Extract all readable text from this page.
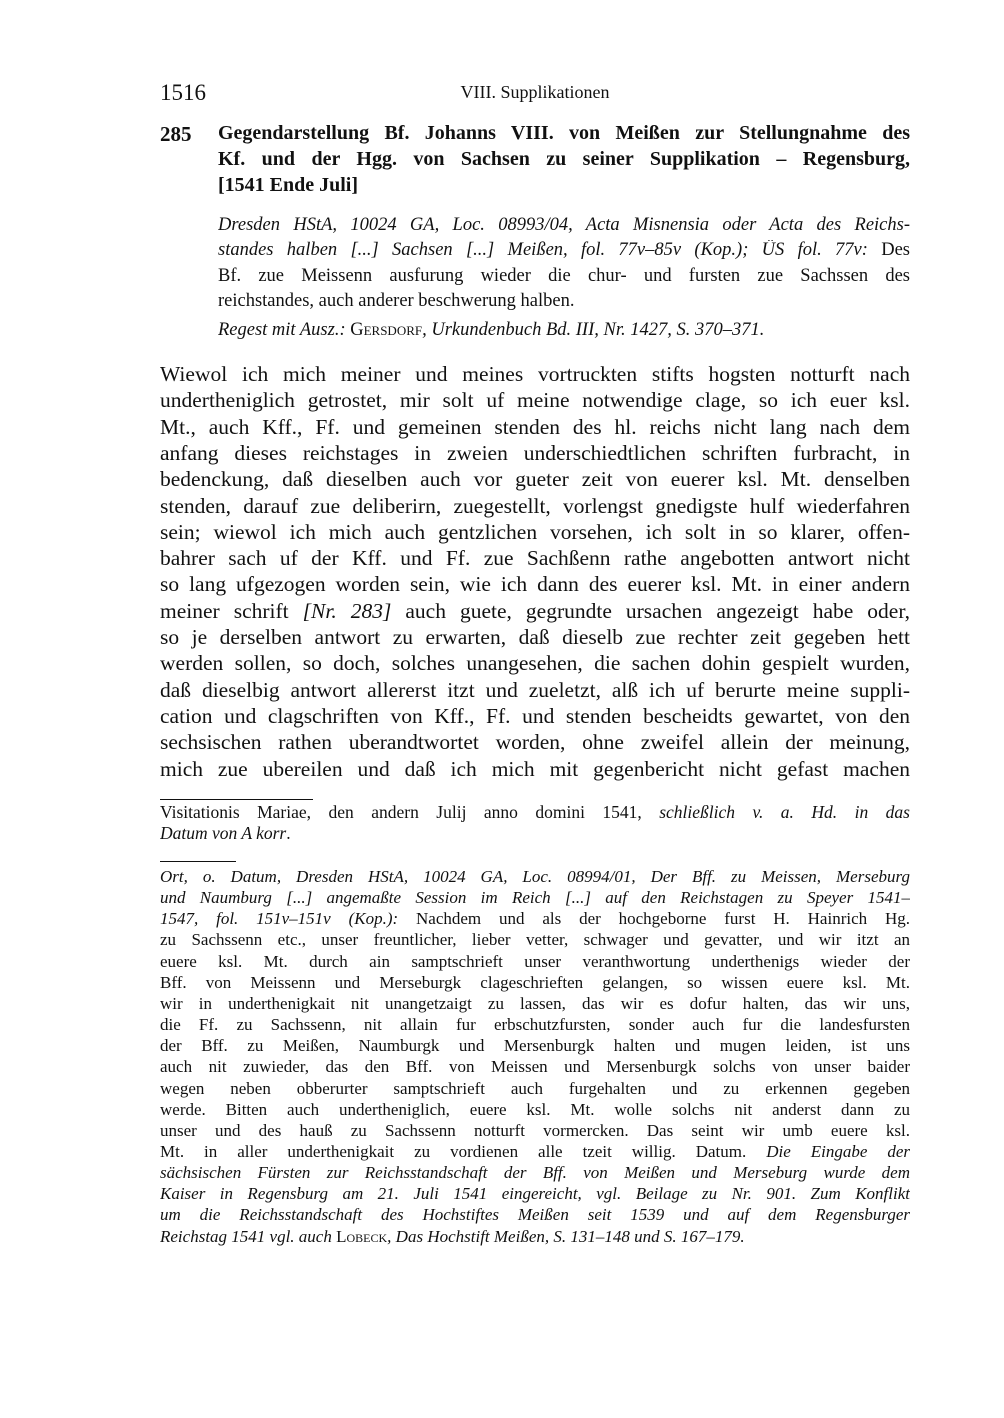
1516	VIII. Supplikationen
285 Gegendarstellung Bf. Johanns VIII. von Meißen zur Stellungnahme des
Kf. und der Hgg. von Sachsen zu seiner Supplikation – Regensburg,
[1541 Ende Juli]
Dresden HStA, 10024 GA, Loc. 08993/04, Acta Misnensia oder Acta des Reichs-
standes halben [...] Sachsen [...] Meißen, fol. 77v–85v (Kop.); ÜS fol. 77v: Des
Bf. zue Meissenn ausfurung wieder die chur- und fursten zue Sachssen des
reichstandes, auch anderer beschwerung halben.
Regest mit Ausz.: Gersdorf, Urkundenbuch Bd. III, Nr. 1427, S. 370–371.
Wiewol ich mich meiner und meines vortruckten stifts hogsten notturft nach
undertheniglich getrostet, mir solt uf meine notwendige clage, so ich euer ksl.
Mt., auch Kff., Ff. und gemeinen stenden des hl. reichs nicht lang nach dem
anfang dieses reichstages in zweien underschiedtlichen schriften furbracht, in
bedenckung, daß dieselben auch vor gueter zeit von euerer ksl. Mt. denselben
stenden, darauf zue deliberirn, zuegestellt, vorlengst gnedigste hulf wiederfahren
sein; wiewol ich mich auch gentzlichen vorsehen, ich solt in so klarer, offen-
bahrer sach uf der Kff. und Ff. zue Sachßenn rathe angebotten antwort nicht
so lang ufgezogen worden sein, wie ich dann des euerer ksl. Mt. in einer andern
meiner schrift [Nr. 283] auch guete, gegrundte ursachen angezeigt habe oder,
so je derselben antwort zu erwarten, daß dieselb zue rechter zeit gegeben hett
werden sollen, so doch, solches unangesehen, die sachen dohin gespielt wurden,
daß dieselbig antwort allererst itzt und zueletzt, alß ich uf berurte meine suppli-
cation und clagschriften von Kff., Ff. und stenden bescheidts gewartet, von den
sechsischen rathen uberandtwortet worden, ohne zweifel allein der meinung,
mich zue ubereilen und daß ich mich mit gegenbericht nicht gefast machen
Visitationis Mariae, den andern Julij anno domini 1541, schließlich v. a. Hd. in das
Datum von A korr.
Ort, o. Datum, Dresden HStA, 10024 GA, Loc. 08994/01, Der Bff. zu Meissen, Merseburg
und Naumburg [...] angemaßte Session im Reich [...] auf den Reichstagen zu Speyer 1541–
1547, fol. 151v–151v (Kop.): Nachdem und als der hochgeborne furst H. Hainrich Hg.
zu Sachssenn etc., unser freuntlicher, lieber vetter, schwager und gevatter, und wir itzt an
euere ksl. Mt. durch ain samptschrieft unser veranthwortung underthenigs wieder der
Bff. von Meissenn und Merseburgk clageschrieften gelangen, so wissen euere ksl. Mt.
wir in underthenigkait nit unangetzaigt zu lassen, das wir es dofur halten, das wir uns,
die Ff. zu Sachssenn, nit allain fur erbschutzfursten, sonder auch fur die landesfursten
der Bff. zu Meißen, Naumburgk und Mersenburgk halten und mugen leiden, ist uns
auch nit zuwieder, das den Bff. von Meissen und Mersenburgk solchs von unser baider
wegen neben obberurter samptschrieft auch furgehalten und zu erkennen gegeben
werde. Bitten auch undertheniglich, euere ksl. Mt. wolle solchs nit anderst dann zu
unser und des hauß zu Sachssenn notturft vormercken. Das seint wir umb euere ksl.
Mt. in aller underthenigkait zu vordienen alle tzeit willig. Datum. Die Eingabe der
sächsischen Fürsten zur Reichsstandschaft der Bff. von Meißen und Merseburg wurde dem
Kaiser in Regensburg am 21. Juli 1541 eingereicht, vgl. Beilage zu Nr. 901. Zum Konflikt
um die Reichsstandschaft des Hochstiftes Meißen seit 1539 und auf dem Regensburger
Reichstag 1541 vgl. auch Lobeck, Das Hochstift Meißen, S. 131–148 und S. 167–179.
